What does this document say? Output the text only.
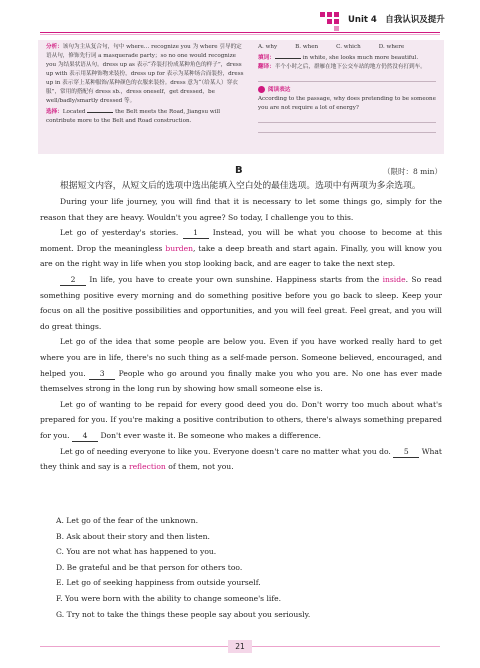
Unit 4　自我认识及提升
分析：该句为主从复合句，句中 where… recognize you 为 where 引导的定语从句，修饰先行词 a masquerade party；so no one would recognize you 为结果状语从句。dress up as 表示“乔装打扮成某种角色的样子”，dress up with 表示用某种饰物来装扮，dress up for 表示为某种场合而装扮，dress up in 表示穿上某种服饰/某种颜色的衣服来装扮。dress 意为“（给某人）穿衣服”，常用的搭配有 dress sb.，dress oneself，get dressed，be well/badly/smartly dressed 等。
选择：Located	the Belt meets the Road, Jiangsu will contribute more to the Belt and Road construction.
A. why	B. when	C. which	D. where
填词：	in white, she looks much more beautiful.
翻译：半个小时之后，群雁在地下公交车站的地方仍然没有打到车。
阅读表达
According to the passage, why does pretending to be someone you are not require a lot of energy?
B	（限时：8 min）

根据短文内容，从短文后的选项中选出能填入空白处的最佳选项。选项中有两项为多余选项。

During your life journey, you will find that it is necessary to let some things go, simply for the reason that they are heavy. Wouldn't you agree? So today, I challenge you to this.

Let go of yesterday's stories. 1 Instead, you will be what you choose to become at this moment. Drop the meaningless burden, take a deep breath and start again. Finally, you will know you are on the right way in life when you stop looking back, and are eager to take the next step.

2 In life, you have to create your own sunshine. Happiness starts from the inside. So read something positive every morning and do something positive before you go back to sleep. Keep your focus on all the positive possibilities and opportunities, and you will feel great. Feel great, and you will do great things.

Let go of the idea that some people are below you. Even if you have worked really hard to get where you are in life, there's no such thing as a self-made person. Someone believed, encouraged, and helped you. 3 People who go around you finally make you who you are. No one has ever made themselves strong in the long run by showing how small someone else is.

Let go of wanting to be repaid for every good deed you do. Don't worry too much about what's prepared for you. If you're making a positive contribution to others, there's always something prepared for you. 4 Don't ever waste it. Be someone who makes a difference.

Let go of needing everyone to like you. Everyone doesn't care no matter what you do. 5 What they think and say is a reflection of them, not you.

A. Let go of the fear of the unknown.
B. Ask about their story and then listen.
C. You are not what has happened to you.
D. Be grateful and be that person for others too.
E. Let go of seeking happiness from outside yourself.
F. You were born with the ability to change someone's life.
G. Try not to take the things these people say about you seriously.
21
